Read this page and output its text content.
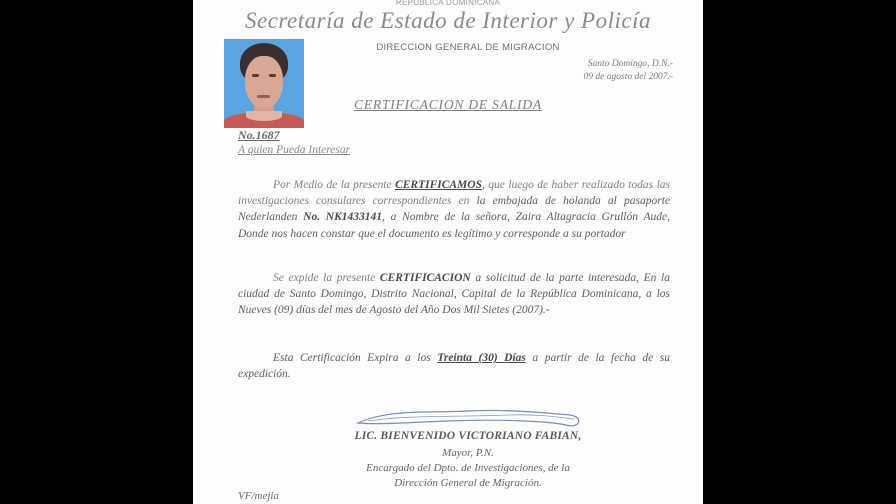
REPUBLICA DOMINICANA
Secretaría de Estado de Interior y Policía
DIRECCION GENERAL DE MIGRACION
Santo Domingo, D.N.-
09 de agosto del 2007.-
CERTIFICACION DE SALIDA
No.1687
A quien Pueda Interesar
Por Medio de la presente CERTIFICAMOS, que luego de haber realizado todas las investigaciones consulares correspondientes en la embajada de holanda al pasaporte Nederlanden No. NK1433141, a Nombre de la señora, Zaira Altagracia Grullón Aude, Donde nos hacen constar que el documento es legítimo y corresponde a su portador
Se expide la presente CERTIFICACION a solicitud de la parte interesada, En la ciudad de Santo Domingo, Distrito Nacional, Capital de la República Dominicana, a los Nueves (09) días del mes de Agosto del Año Dos Mil Sietes (2007).-
Esta Certificación Expira a los Treinta (30) Días a partir de la fecha de su expedición.
LIC. BIENVENIDO VICTORIANO FABIAN,
Mayor, P.N.
Encargado del Dpto. de Investigaciones, de la
Dirección General de Migración.
VF/mejia
